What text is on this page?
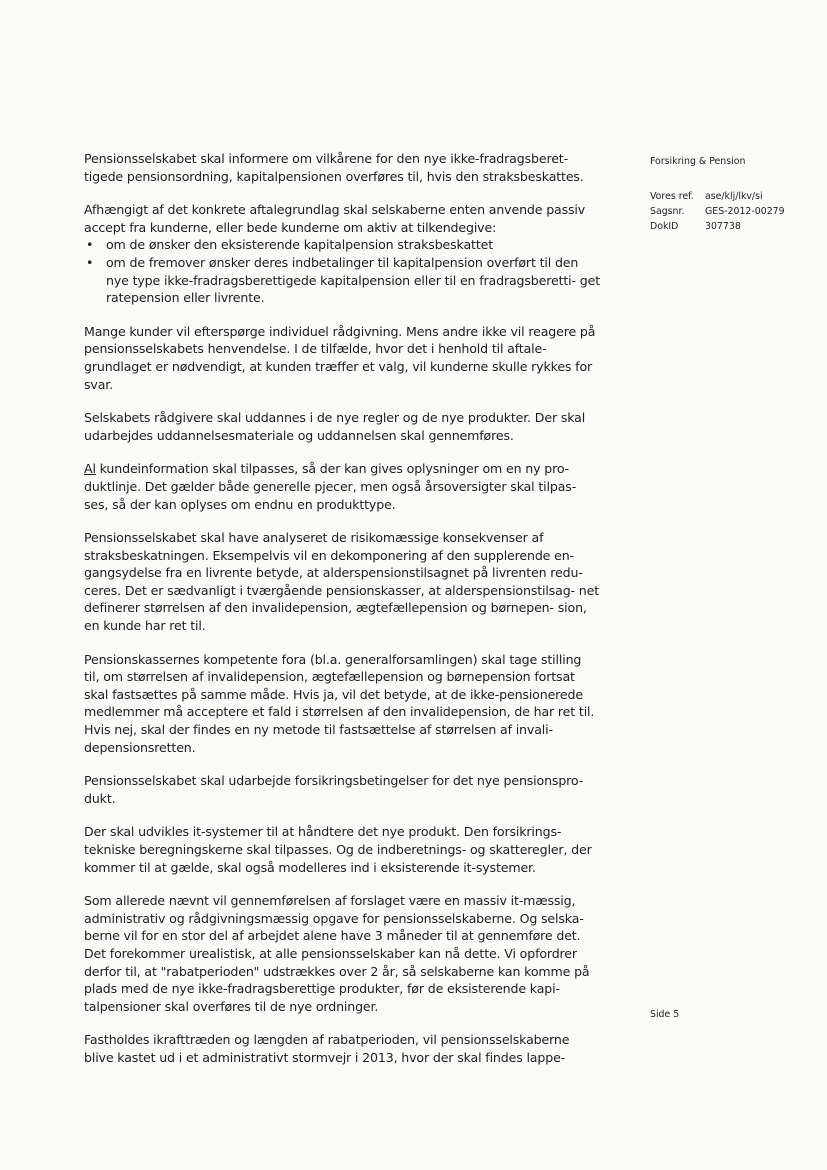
Pensionsselskabet skal informere om vilkårene for den nye ikke-fradragsberet- tigede pensionsordning, kapitalpensionen overføres til, hvis den straksbeskattes.

Afhængigt af det konkrete aftalegrundlag skal selskaberne enten anvende passiv accept fra kunderne, eller bede kunderne om aktiv at tilkendegive:

• om de ønsker den eksisterende kapitalpension straksbeskattet
• om de fremover ønsker deres indbetalinger til kapitalpension overført til den nye type ikke-fradragsberettigede kapitalpension eller til en fradragsberetti- get ratepension eller livrente.

Mange kunder vil efterspørge individuel rådgivning. Mens andre ikke vil reagere på pensionsselskabets henvendelse. I de tilfælde, hvor det i henhold til aftale- grundlaget er nødvendigt, at kunden træffer et valg, vil kunderne skulle rykkes for svar.

Selskabets rådgivere skal uddannes i de nye regler og de nye produkter. Der skal udarbejdes uddannelsesmateriale og uddannelsen skal gennemføres.

Al kundeinformation skal tilpasses, så der kan gives oplysninger om en ny pro- duktlinje. Det gælder både generelle pjecer, men også årsoversigter skal tilpas- ses, så der kan oplyses om endnu en produkttype.

Pensionsselskabet skal have analyseret de risikomæssige konsekvenser af straksbeskatningen. Eksempelvis vil en dekomponering af den supplerende en- gangsydelse fra en livrente betyde, at alderspensionstilsagnet på livrenten redu- ceres. Det er sædvanligt i tværgående pensionskasser, at alderspensionstilsag- net definerer størrelsen af den invalidepension, ægtefællepension og børnepen- sion, en kunde har ret til.

Pensionskassernes kompetente fora (bl.a. generalforsamlingen) skal tage stilling til, om størrelsen af invalidepension, ægtefællepension og børnepension fortsat skal fastsættes på samme måde. Hvis ja, vil det betyde, at de ikke-pensionerede medlemmer må acceptere et fald i størrelsen af den invalidepension, de har ret til. Hvis nej, skal der findes en ny metode til fastsættelse af størrelsen af invali- depensionsretten.

Pensionsselskabet skal udarbejde forsikringsbetingelser for det nye pensionspro- dukt.

Der skal udvikles it-systemer til at håndtere det nye produkt. Den forsikrings- tekniske beregningskerne skal tilpasses. Og de indberetnings- og skatteregler, der kommer til at gælde, skal også modelleres ind i eksisterende it-systemer.

Som allerede nævnt vil gennemførelsen af forslaget være en massiv it-mæssig, administrativ og rådgivningsmæssig opgave for pensionsselskaberne. Og selska- berne vil for en stor del af arbejdet alene have 3 måneder til at gennemføre det. Det forekommer urealistisk, at alle pensionsselskaber kan nå dette. Vi opfordrer derfor til, at "rabatperioden" udstrækkes over 2 år, så selskaberne kan komme på plads med de nye ikke-fradragsberettige produkter, før de eksisterende kapi- talpensioner skal overføres til de nye ordninger.

Fastholdes ikrafttræden og længden af rabatperioden, vil pensionsselskaberne blive kastet ud i et administrativt stormvejr i 2013, hvor der skal findes lappe-

Forsikring & Pension
Vores ref.	ase/klj/lkv/si
Sagsnr.	GES-2012-00279
DokID	307738
Side 5
